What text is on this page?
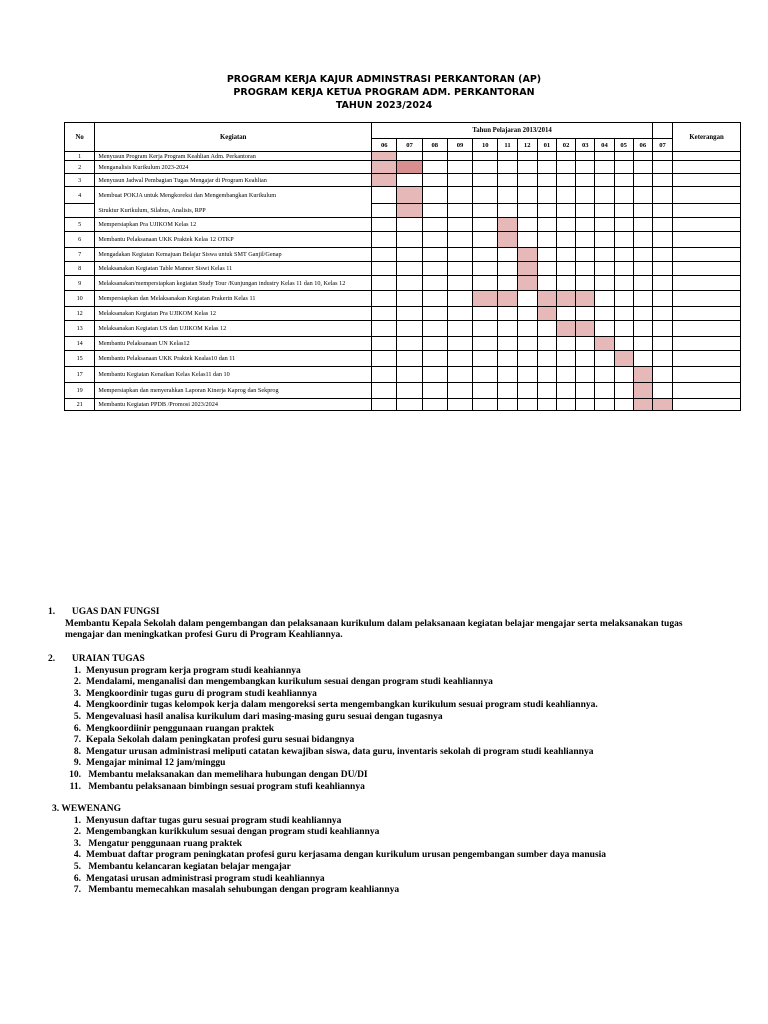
PROGRAM KERJA KAJUR ADMINSTRASI PERKANTORAN (AP)
PROGRAM KERJA KETUA PROGRAM ADM. PERKANTORAN
TAHUN 2023/2024
No	Kegiatan	Tahun Pelajaran 2013/2014														Keterangan
		06	07	08	09	10	11	12	01	02	03	04	05	06	07	
1	Menyusun Program Kerja Program Keahlian Adm. Perkantoran															
2	Menganalisis Kurikulum 2023-2024															
3	Menyusun Jadwal Pembagian Tugas Mengajar di Program Keahlian															
4	Membuat POKJA untuk Mengkoreksi dan Mengembangkan Kurikulum															
	Struktur Kurikulum, Silabus, Analisis, RPP															
5	Mempersiapkan Pra UJIKOM Kelas 12															
6	Membantu Pelaksanaan UKK Praktek Kelas 12 OTKP															
7	Mengadakan Kegiatan Kemajuan Belajar Siswa untuk SMT Ganjil/Genap															
8	Melaksanakan Kegiatan Table Manner Siswi Kelas 11															
9	Melaksanakan/mempersiapkan kegiatan Study Tour /Kunjungan industry Kelas 11 dan 10, Kelas 12															
10	Mempersiapkan dan Melaksanakan Kegiatan Prakerin Kelas 11															
12	Melaksanakan Kegiatan Pra UJIKOM Kelas 12															
13	Melaksanakan Kegiatan US dan UJIKOM Kelas 12															
14	Membantu Pelaksanaan UN Kelas12															
15	Membantu Pelaksanaan UKK Praktek Kealas10 dan 11															
17	Membantu Kegiatan Kenaikan Kelas Kelas11 dan 10															
19	Mempersiapkan dan menyerahkan Laporan Kinerja Kaprog dan Sekprog															
21	Membantu Kegiatan PPDB /Promosi 2023/2024															
1. UGAS DAN FUNGSI
Membantu Kepala Sekolah dalam pengembangan dan pelaksanaan kurikulum dalam pelaksanaan kegiatan belajar mengajar serta melaksanakan tugas mengajar dan meningkatkan profesi Guru di Program Keahliannya.
2. URAIAN TUGAS
1. Menyusun program kerja program studi keahiannya
2. Mendalami, menganalisi dan mengembangkan kurikulum sesuai dengan program studi keahliannya
3. Mengkoordinir tugas guru di program studi keahliannya
4. Mengkoordinir tugas kelompok kerja dalam mengoreksi serta mengembangkan kurikulum sesuai program studi keahliannya.
5. Mengevaluasi hasil analisa kurikulum dari masing-masing guru sesuai dengan tugasnya
6. Mengkoordiinir penggunaan ruangan praktek
7. Kepala Sekolah dalam peningkatan profesi guru sesuai bidangnya
8. Mengatur urusan administrasi meliputi catatan kewajiban siswa, data guru, inventaris sekolah di program studi keahliannya
9. Mengajar minimal 12 jam/minggu
10. Membantu melaksanakan dan memelihara hubungan dengan DU/DI
11. Membantu pelaksanaan bimbingn sesuai program stufi keahliannya
3. WEWENANG
1. Menyusun daftar tugas guru sesuai program studi keahliannya
2. Mengembangkan kurikkulum sesuai dengan program studi keahliannya
3. Mengatur penggunaan ruang praktek
4. Membuat daftar program peningkatan profesi guru kerjasama dengan kurikulum urusan pengembangan sumber daya manusia
5. Membantu kelancaran kegiatan belajar mengajar
6. Mengatasi urusan administrasi program studi keahliannya
7. Membantu memecahkan masalah sehubungan dengan program keahliannya
